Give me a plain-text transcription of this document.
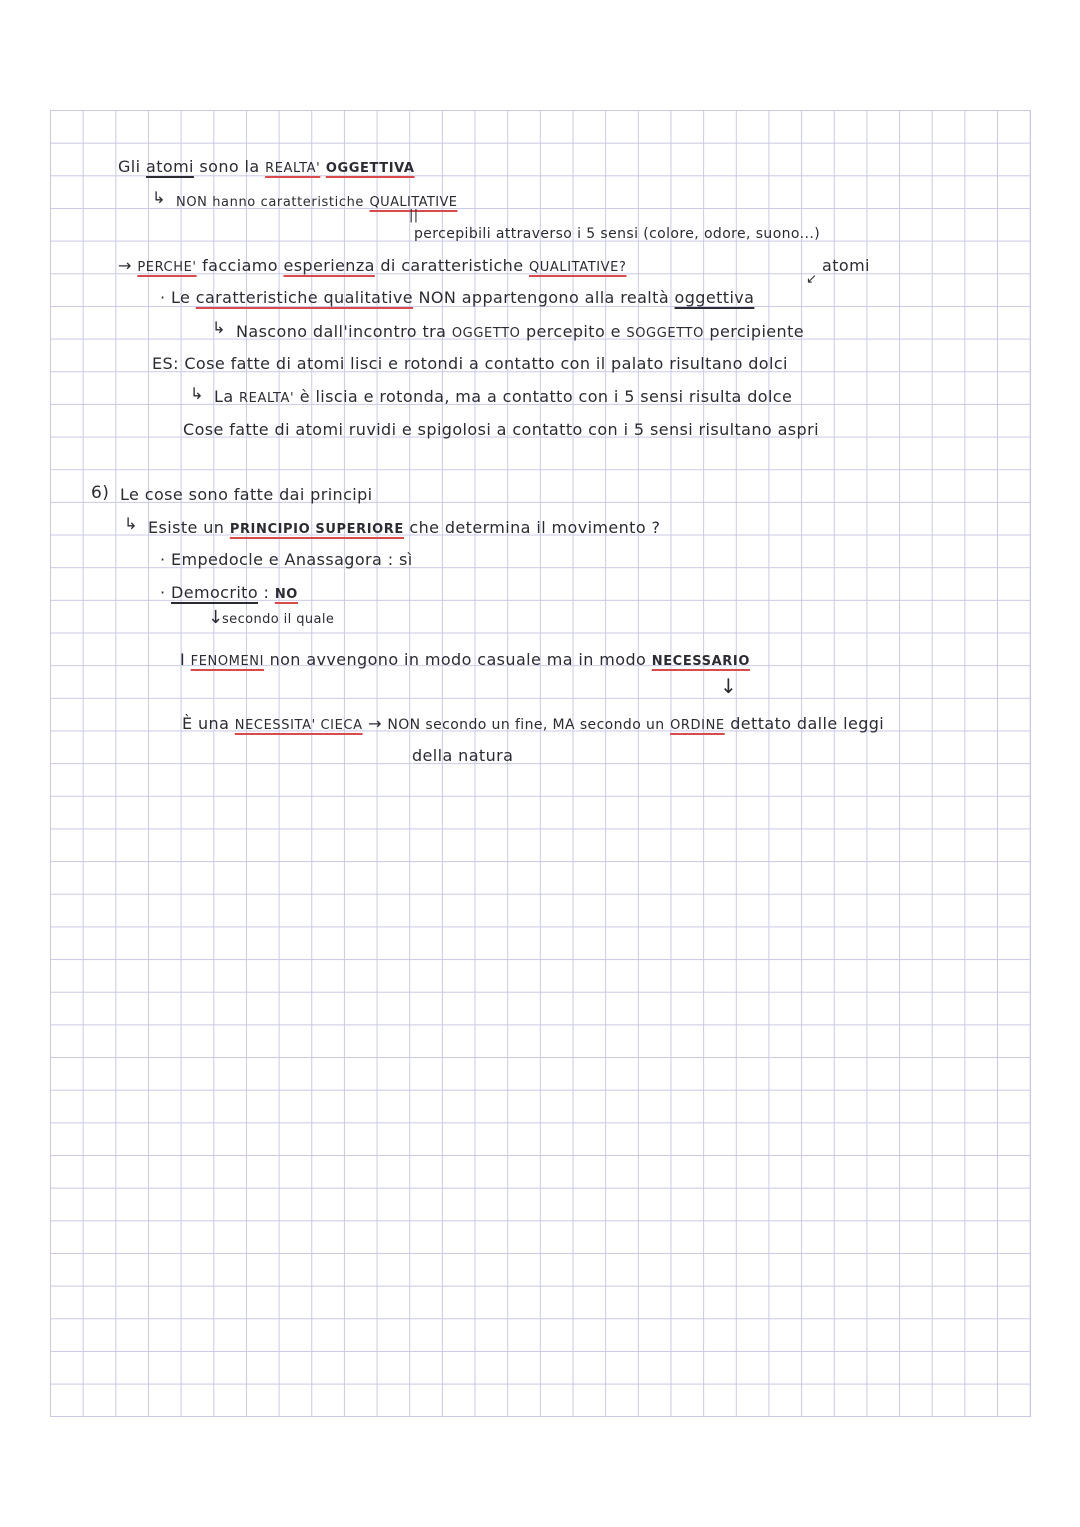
Gli atomi sono la REALTA' OGGETTIVA
↳ NON hanno caratteristiche QUALITATIVE
||
percepibili attraverso i 5 sensi (colore, odore, suono...)
→ PERCHE' facciamo esperienza di caratteristiche QUALITATIVE?
↙
atomi
· Le caratteristiche qualitative NON appartengono alla realtà oggettiva
↳ Nascono dall'incontro tra OGGETTO percepito e SOGGETTO percipiente
ES: Cose fatte di atomi lisci e rotondi a contatto con il palato risultano dolci
↳ La REALTA' è liscia e rotonda, ma a contatto con i 5 sensi risulta dolce
Cose fatte di atomi ruvidi e spigolosi a contatto con i 5 sensi risultano aspri
6) Le cose sono fatte dai principi
↳ Esiste un PRINCIPIO SUPERIORE che determina il movimento ?
· Empedocle e Anassagora : sì
· Democrito : NO
↓
secondo il quale
I FENOMENI non avvengono in modo casuale ma in modo NECESSARIO
↓
È una NECESSITA' CIECA → NON secondo un fine, MA secondo un ORDINE dettato dalle leggi
della natura
